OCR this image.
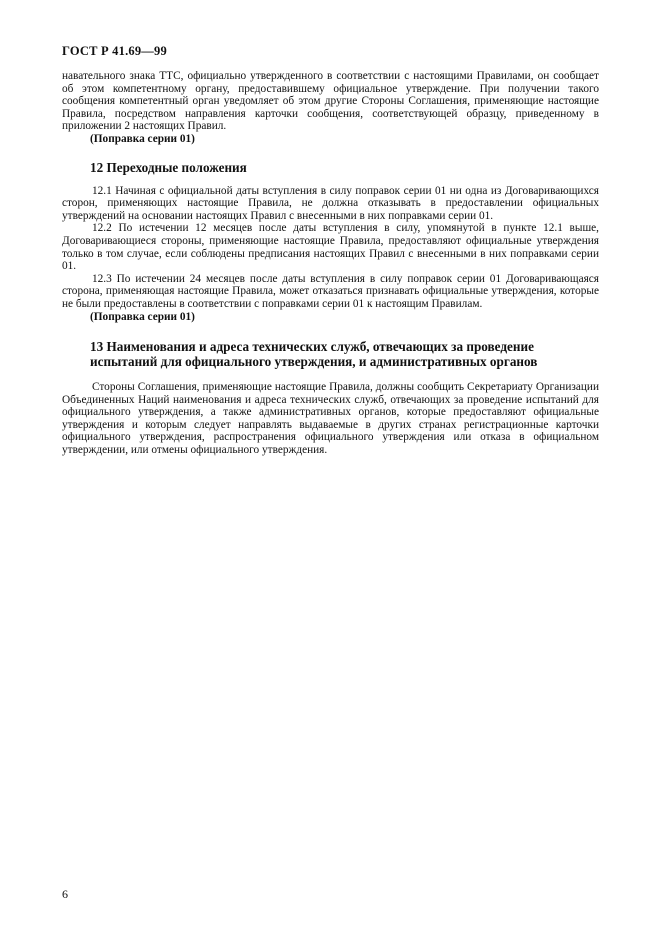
ГОСТ Р 41.69—99

навательного знака ТТС, официально утвержденного в соответствии с настоящими Правилами, он сообщает об этом компетентному органу, предоставившему официальное утверждение. При получении такого сообщения компетентный орган уведомляет об этом другие Стороны Соглашения, применяющие настоящие Правила, посредством направления карточки сообщения, соответствующей образцу, приведенному в приложении 2 настоящих Правил.

(Поправка серии 01)

12 Переходные положения

12.1 Начиная с официальной даты вступления в силу поправок серии 01 ни одна из Договаривающихся сторон, применяющих настоящие Правила, не должна отказывать в предоставлении официальных утверждений на основании настоящих Правил с внесенными в них поправками серии 01.

12.2 По истечении 12 месяцев после даты вступления в силу, упомянутой в пункте 12.1 выше, Договаривающиеся стороны, применяющие настоящие Правила, предоставляют официальные утверждения только в том случае, если соблюдены предписания настоящих Правил с внесенными в них поправками серии 01.

12.3 По истечении 24 месяцев после даты вступления в силу поправок серии 01 Договаривающаяся сторона, применяющая настоящие Правила, может отказаться признавать официальные утверждения, которые не были предоставлены в соответствии с поправками серии 01 к настоящим Правилам.

(Поправка серии 01)

13 Наименования и адреса технических служб, отвечающих за проведение испытаний для официального утверждения, и административных органов

Стороны Соглашения, применяющие настоящие Правила, должны сообщить Секретариату Организации Объединенных Наций наименования и адреса технических служб, отвечающих за проведение испытаний для официального утверждения, а также административных органов, которые предоставляют официальные утверждения и которым следует направлять выдаваемые в других странах регистрационные карточки официального утверждения, распространения официального утверждения или отказа в официальном утверждении, или отмены официального утверждения.

6
